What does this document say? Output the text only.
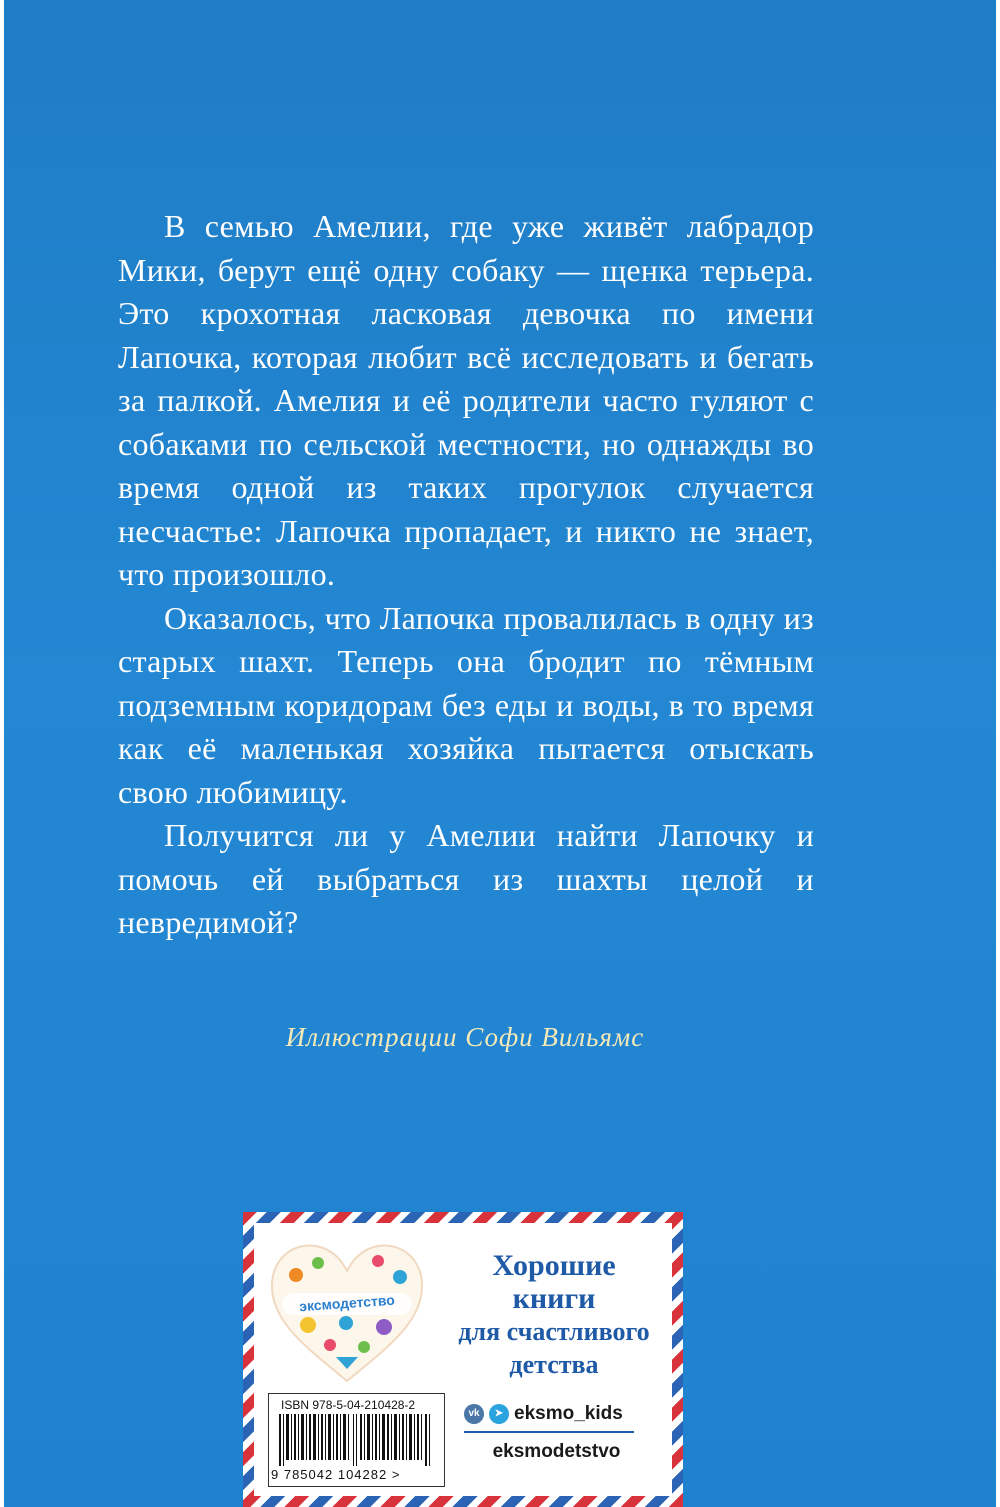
В семью Амелии, где уже живёт лабрадор Мики, берут ещё одну собаку — щенка терьера. Это крохотная ласковая девочка по имени Лапочка, которая любит всё исследовать и бегать за палкой. Амелия и её родители часто гуляют с собаками по сельской местности, но однажды во время одной из таких прогулок случается несчастье: Лапочка пропадает, и никто не знает, что произошло.

Оказалось, что Лапочка провалилась в одну из старых шахт. Теперь она бродит по тёмным подземным коридорам без еды и воды, в то время как её маленькая хозяйка пытается отыскать свою любимицу.

Получится ли у Амелии найти Лапочку и помочь ей выбраться из шахты целой и невредимой?

Иллюстрации Софи Вильямс
эксмодетство
Хорошие
книги
для счастливого
детства
ISBN 978-5-04-210428-2
9 785042 104282 >
vk	➤ eksmo_kids
eksmodetstvo
